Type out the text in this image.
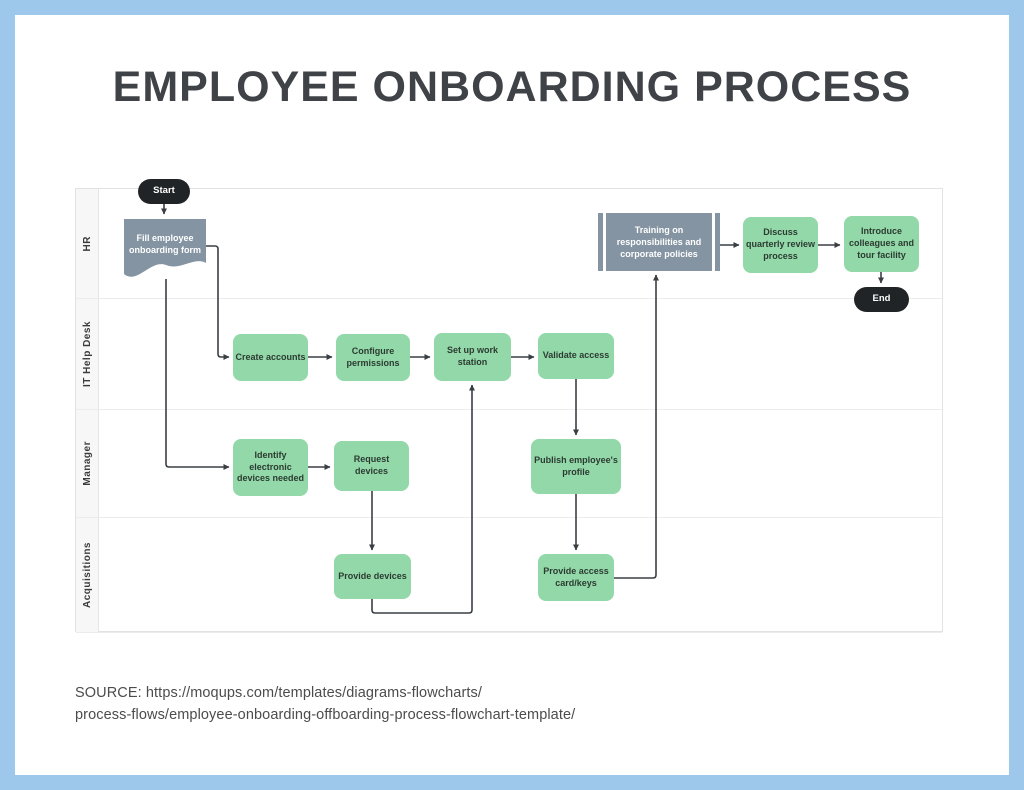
EMPLOYEE ONBOARDING PROCESS
HR
IT Help Desk
Manager
Acquisitions
Start
Fill employee onboarding form
Training on responsibilities and corporate policies
Discuss quarterly review process
Introduce colleagues and tour facility
End
Create accounts
Configure permissions
Set up work station
Validate access
Identify electronic devices needed
Request devices
Publish employee's profile
Provide devices	Provide access card/keys
SOURCE: https://moqups.com/templates/diagrams-flowcharts/
process-flows/employee-onboarding-offboarding-process-flowchart-template/
